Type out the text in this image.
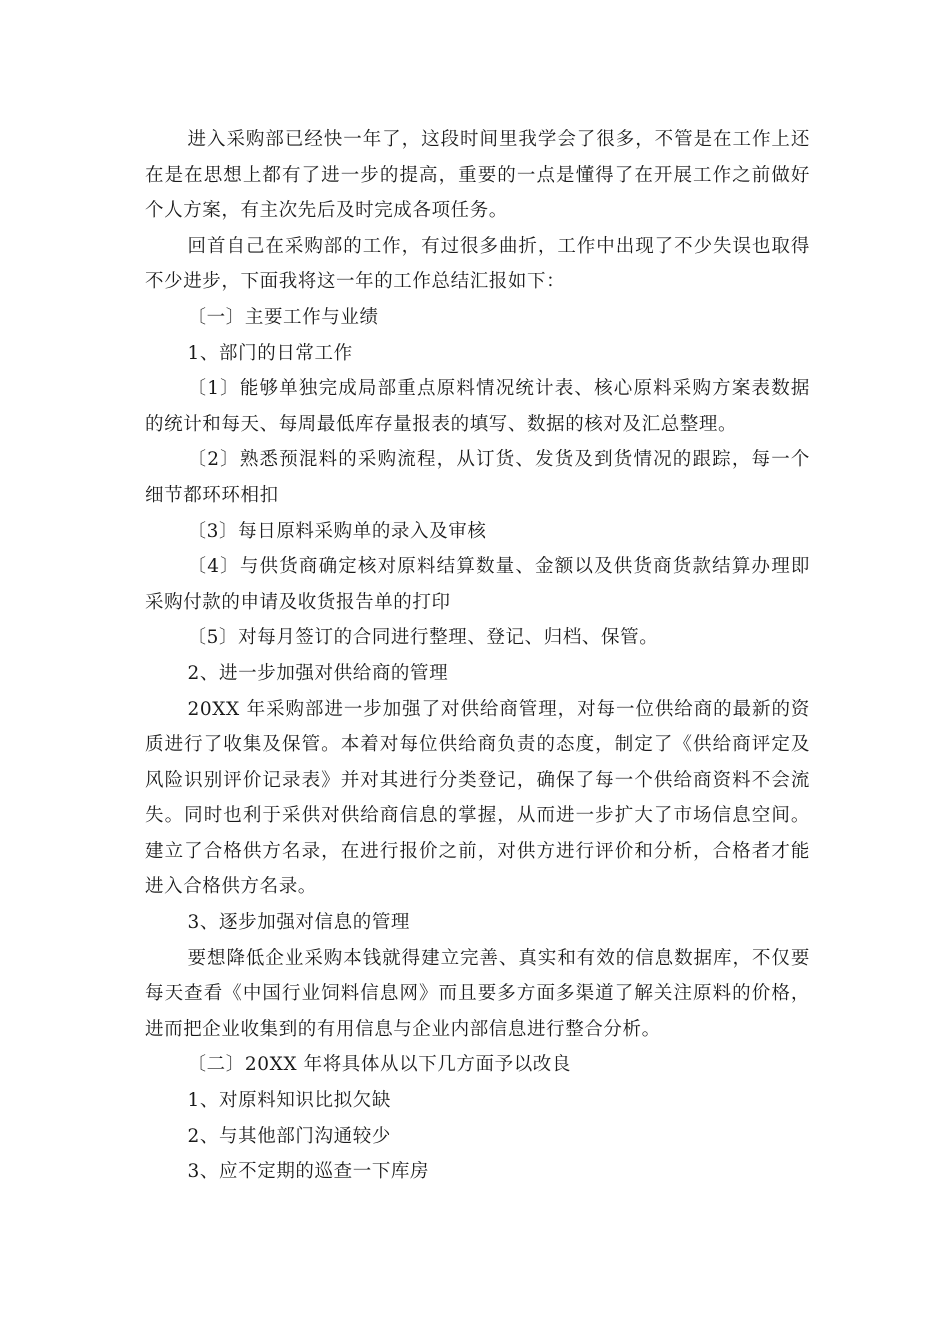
进入采购部已经快一年了，这段时间里我学会了很多，不管是在工作上还在是在思想上都有了进一步的提高，重要的一点是懂得了在开展工作之前做好个人方案，有主次先后及时完成各项任务。

回首自己在采购部的工作，有过很多曲折，工作中出现了不少失误也取得不少进步，下面我将这一年的工作总结汇报如下：

〔一〕主要工作与业绩

1、部门的日常工作

〔1〕能够单独完成局部重点原料情况统计表、核心原料采购方案表数据的统计和每天、每周最低库存量报表的填写、数据的核对及汇总整理。

〔2〕熟悉预混料的采购流程，从订货、发货及到货情况的跟踪，每一个细节都环环相扣

〔3〕每日原料采购单的录入及审核

〔4〕与供货商确定核对原料结算数量、金额以及供货商货款结算办理即采购付款的申请及收货报告单的打印

〔5〕对每月签订的合同进行整理、登记、归档、保管。

2、进一步加强对供给商的管理

20XX 年采购部进一步加强了对供给商管理，对每一位供给商的最新的资质进行了收集及保管。本着对每位供给商负责的态度，制定了《供给商评定及风险识别评价记录表》并对其进行分类登记，确保了每一个供给商资料不会流失。同时也利于采供对供给商信息的掌握，从而进一步扩大了市场信息空间。建立了合格供方名录，在进行报价之前，对供方进行评价和分析，合格者才能进入合格供方名录。

3、逐步加强对信息的管理

要想降低企业采购本钱就得建立完善、真实和有效的信息数据库，不仅要每天查看《中国行业饲料信息网》而且要多方面多渠道了解关注原料的价格，进而把企业收集到的有用信息与企业内部信息进行整合分析。

〔二〕20XX 年将具体从以下几方面予以改良

1、对原料知识比拟欠缺

2、与其他部门沟通较少

3、应不定期的巡查一下库房
